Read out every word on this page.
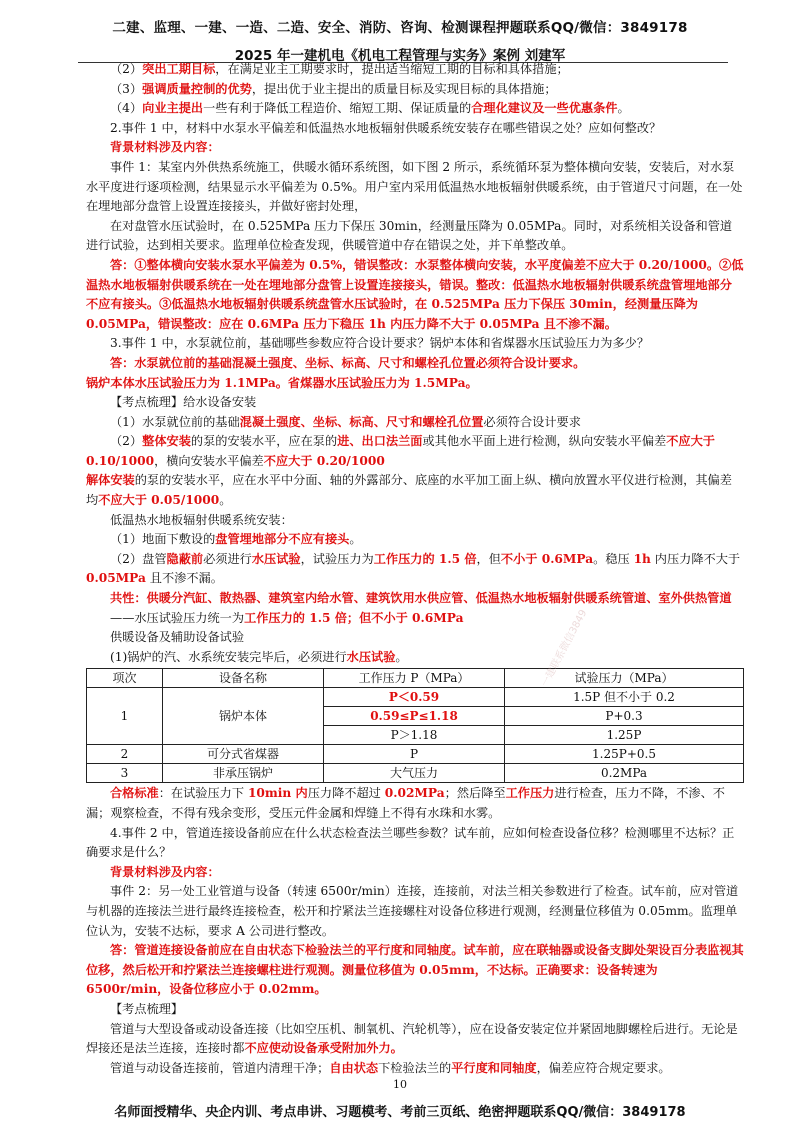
二建、监理、一建、一造、二造、安全、消防、咨询、检测课程押题联系QQ/微信：3849178
2025 年一建机电《机电工程管理与实务》案例 刘建军

（2）突出工期目标，在满足业主工期要求时，提出适当缩短工期的目标和具体措施；

（3）强调质量控制的优势，提出优于业主提出的质量目标及实现目标的具体措施；

（4）向业主提出一些有利于降低工程造价、缩短工期、保证质量的合理化建议及一些优惠条件。

2.事件 1 中，材料中水泵水平偏差和低温热水地板辐射供暖系统安装存在哪些错误之处？应如何整改？

背景材料涉及内容：

事件 1：某室内外供热系统施工，供暖水循环系统图，如下图 2 所示，系统循环泵为整体横向安装，安装后，对水泵水平度进行逐项检测，结果显示水平偏差为 0.5%。用户室内采用低温热水地板辐射供暖系统，由于管道尺寸问题，在一处在埋地部分盘管上设置连接接头，并做好密封处理，

在对盘管水压试验时，在 0.525MPa 压力下保压 30min，经测量压降为 0.05MPa。同时，对系统相关设备和管道进行试验，达到相关要求。监理单位检查发现，供暖管道中存在错误之处，并下单整改单。

答：①整体横向安装水泵水平偏差为 0.5%，错误整改：水泵整体横向安装，水平度偏差不应大于 0.20/1000。②低温热水地板辐射供暖系统在一处在埋地部分盘管上设置连接接头，错误。整改：低温热水地板辐射供暖系统盘管埋地部分不应有接头。③低温热水地板辐射供暖系统盘管水压试验时，在 0.525MPa 压力下保压 30min，经测量压降为 0.05MPa，错误整改：应在 0.6MPa 压力下稳压 1h 内压力降不大于 0.05MPa 且不渗不漏。

3.事件 1 中，水泵就位前，基础哪些参数应符合设计要求？锅炉本体和省煤器水压试验压力为多少？

答：水泵就位前的基础混凝土强度、坐标、标高、尺寸和螺栓孔位置必须符合设计要求。

锅炉本体水压试验压力为 1.1MPa。省煤器水压试验压力为 1.5MPa。

【考点梳理】给水设备安装

（1）水泵就位前的基础混凝土强度、坐标、标高、尺寸和螺栓孔位置必须符合设计要求

（2）整体安装的泵的安装水平，应在泵的进、出口法兰面或其他水平面上进行检测，纵向安装水平偏差不应大于 0.10/1000，横向安装水平偏差不应大于 0.20/1000

解体安装的泵的安装水平，应在水平中分面、轴的外露部分、底座的水平加工面上纵、横向放置水平仪进行检测，其偏差均不应大于 0.05/1000。

低温热水地板辐射供暖系统安装：

（1）地面下敷设的盘管埋地部分不应有接头。

（2）盘管隐蔽前必须进行水压试验，试验压力为工作压力的 1.5 倍，但不小于 0.6MPa。稳压 1h 内压力降不大于 0.05MPa 且不渗不漏。

共性：供暖分汽缸、散热器、建筑室内给水管、建筑饮用水供应管、低温热水地板辐射供暖系统管道、室外供热管道

——水压试验压力统一为工作压力的 1.5 倍；但不小于 0.6MPa

供暖设备及辅助设备试验

(1)锅炉的汽、水系统安装完毕后，必须进行水压试验。

项次	设备名称	工作压力 P（MPa）	试验压力（MPa）
1	锅炉本体	P＜0.59	1.5P 但不小于 0.2
		0.59≤P≤1.18	P+0.3
		P＞1.18	1.25P
2	可分式省煤器	P	1.25P+0.5
3	非承压锅炉	大气压力	0.2MPa

合格标准：在试验压力下 10min 内压力降不超过 0.02MPa；然后降至工作压力进行检查，压力不降，不渗、不漏；观察检查，不得有残余变形，受压元件金属和焊缝上不得有水珠和水雾。

4.事件 2 中，管道连接设备前应在什么状态检查法兰哪些参数？试车前，应如何检查设备位移？检测哪里不达标？正确要求是什么？

背景材料涉及内容：

事件 2：另一处工业管道与设备（转速 6500r/min）连接，连接前，对法兰相关参数进行了检查。试车前，应对管道与机器的连接法兰进行最终连接检查，松开和拧紧法兰连接螺柱对设备位移进行观测，经测量位移值为 0.05mm。监理单位认为，安装不达标，要求 A 公司进行整改。

答：管道连接设备前应在自由状态下检验法兰的平行度和同轴度。试车前，应在联轴器或设备支脚处架设百分表监视其位移，然后松开和拧紧法兰连接螺柱进行观测。测量位移值为 0.05mm，不达标。正确要求：设备转速为 6500r/min，设备位移应小于 0.02mm。

【考点梳理】

管道与大型设备或动设备连接（比如空压机、制氧机、汽轮机等），应在设备安装定位并紧固地脚螺栓后进行。无论是焊接还是法兰连接，连接时都不应使动设备承受附加外力。

管道与动设备连接前，管道内清理干净；自由状态下检验法兰的平行度和同轴度，偏差应符合规定要求。

一建联系微信3849
10
名师面授精华、央企内训、考点串讲、习题模考、考前三页纸、绝密押题联系QQ/微信：3849178
